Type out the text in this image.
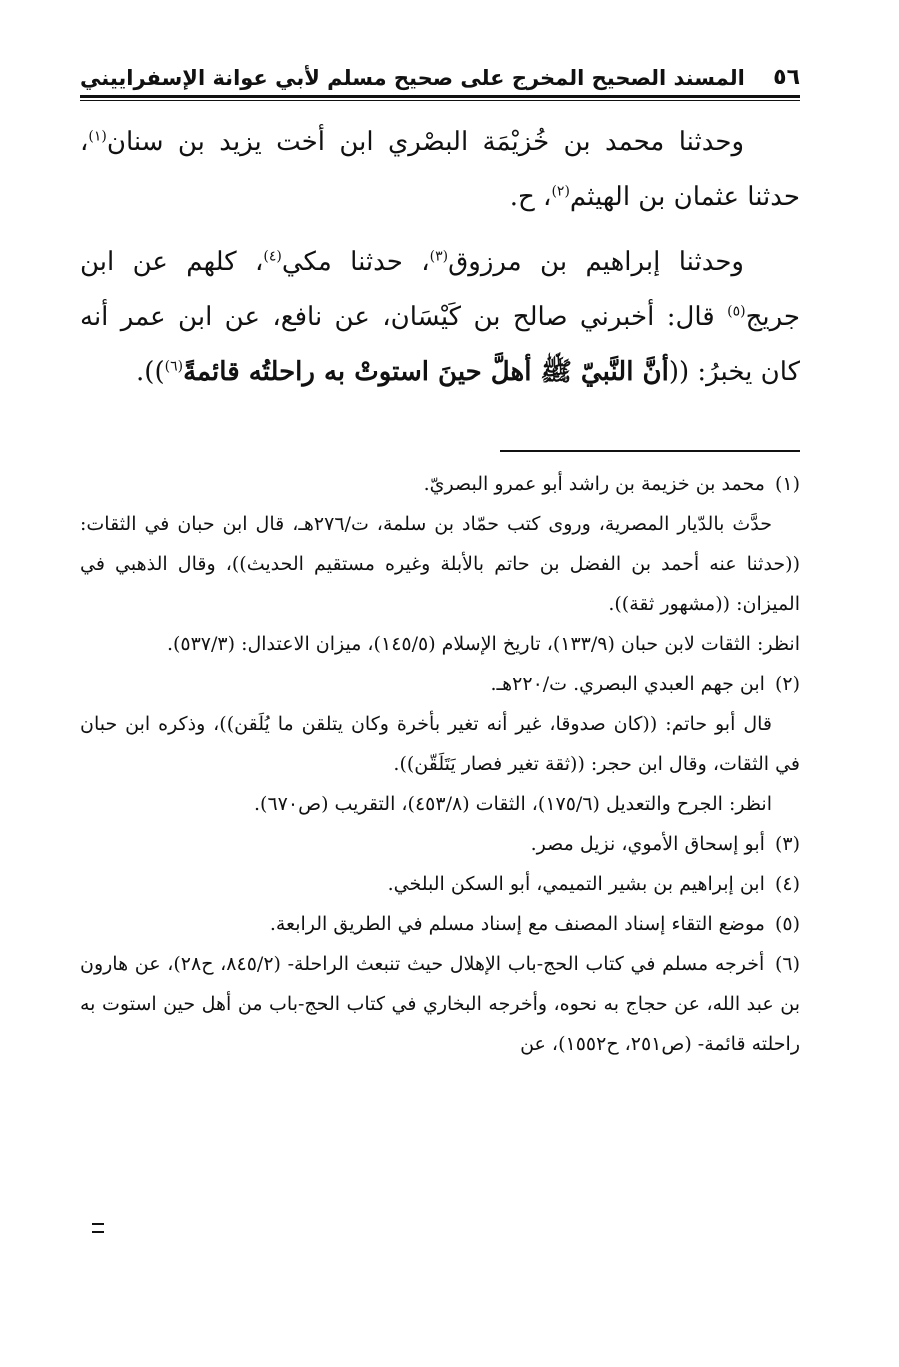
٥٦
المسند الصحيح المخرج على صحيح مسلم لأبي عوانة الإسفراييني

وحدثنا محمد بن خُزيْمَة البصْري ابن أخت يزيد بن سنان$^{(١)}$، حدثنا عثمان بن الهيثم$^{(٢)}$، ح.

وحدثنا إبراهيم بن مرزوق$^{(٣)}$، حدثنا مكي$^{(٤)}$، كلهم عن ابن جريج$^{(٥)}$ قال: أخبرني صالح بن كَيْسَان، عن نافع، عن ابن عمر أنه كان يخبرُ: ((أنَّ النَّبيّ ﷺ أهلَّ حينَ استوتْ به راحلتُه قائمةً$^{(٦)}$)).

(١) محمد بن خزيمة بن راشد أبو عمرو البصريّ.

حدَّث بالدّيار المصرية، وروى كتب حمّاد بن سلمة، ت/٢٧٦هـ، قال ابن حبان في الثقات: ((حدثنا عنه أحمد بن الفضل بن حاتم بالأبلة وغيره مستقيم الحديث))، وقال الذهبي في الميزان: ((مشهور ثقة)).

انظر: الثقات لابن حبان (١٣٣/٩)، تاريخ الإسلام (١٤٥/٥)، ميزان الاعتدال: (٥٣٧/٣).

(٢) ابن جهم العبدي البصري. ت/٢٢٠هـ.

قال أبو حاتم: ((كان صدوقا، غير أنه تغير بأخرة وكان يتلقن ما يُلَقن))، وذكره ابن حبان في الثقات، وقال ابن حجر: ((ثقة تغير فصار يَتَلَقّن)).

انظر: الجرح والتعديل (١٧٥/٦)، الثقات (٤٥٣/٨)، التقريب (ص٦٧٠).

(٣) أبو إسحاق الأموي، نزيل مصر.

(٤) ابن إبراهيم بن بشير التميمي، أبو السكن البلخي.

(٥) موضع التقاء إسناد المصنف مع إسناد مسلم في الطريق الرابعة.

(٦) أخرجه مسلم في كتاب الحج-باب الإهلال حيث تنبعث الراحلة- (٨٤٥/٢، ح٢٨)، عن هارون بن عبد الله، عن حجاج به نحوه، وأخرجه البخاري في كتاب الحج-باب من أهل حين استوت به راحلته قائمة- (ص٢٥١، ح١٥٥٢)، عن
